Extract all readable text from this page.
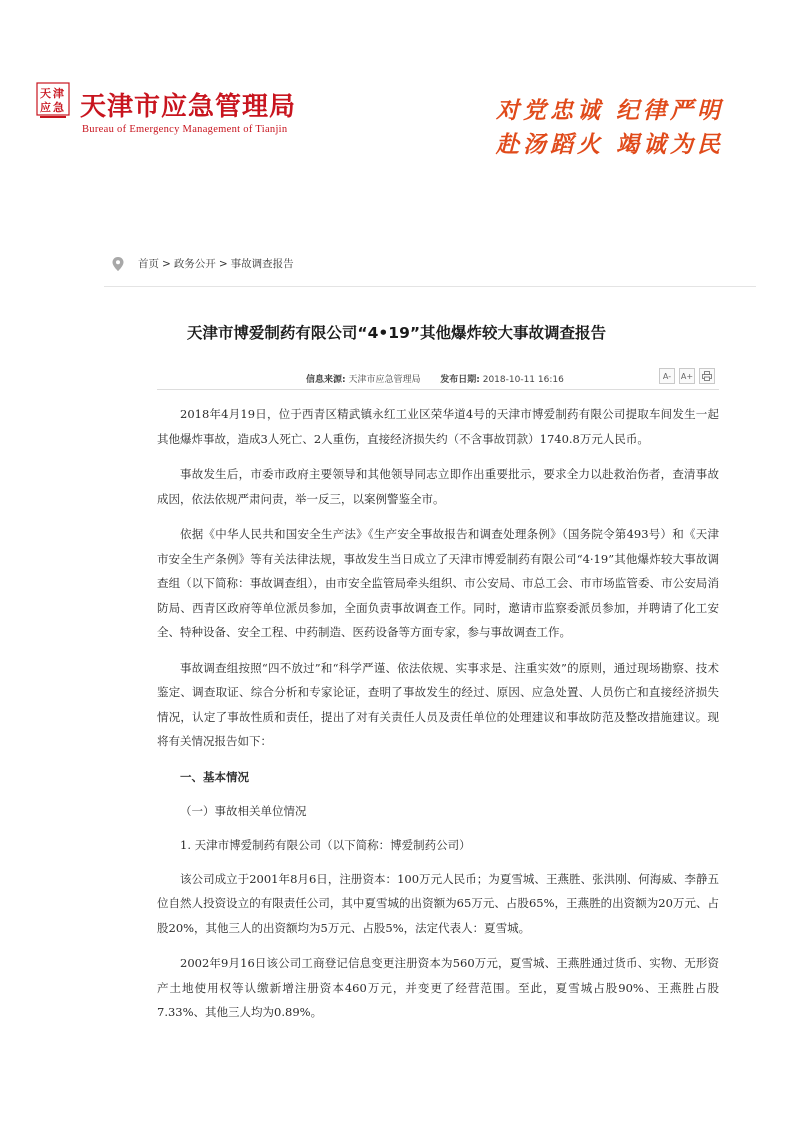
天 津
应 急 天津市应急管理局

Bureau of Emergency Management of Tianjin

对党忠诚 纪律严明

赴汤蹈火 竭诚为民

首页 > 政务公开 > 事故调查报告
天津市博爱制药有限公司“4•19”其他爆炸较大事故调查报告
信息来源: 天津市应急管理局 发布日期: 2018-10-11 16:16	A-	A+

2018年4月19日，位于西青区精武镇永红工业区荣华道4号的天津市博爱制药有限公司提取车间发生一起其他爆炸事故，造成3人死亡、2人重伤，直接经济损失约（不含事故罚款）1740.8万元人民币。

事故发生后，市委市政府主要领导和其他领导同志立即作出重要批示，要求全力以赴救治伤者，查清事故成因，依法依规严肃问责，举一反三，以案例警鉴全市。

依据《中华人民共和国安全生产法》《生产安全事故报告和调查处理条例》（国务院令第493号）和《天津市安全生产条例》等有关法律法规，事故发生当日成立了天津市博爱制药有限公司“4·19”其他爆炸较大事故调查组（以下简称：事故调查组），由市安全监管局牵头组织、市公安局、市总工会、市市场监管委、市公安局消防局、西青区政府等单位派员参加，全面负责事故调查工作。同时，邀请市监察委派员参加，并聘请了化工安全、特种设备、安全工程、中药制造、医药设备等方面专家，参与事故调查工作。

事故调查组按照“四不放过”和“科学严谨、依法依规、实事求是、注重实效”的原则，通过现场勘察、技术鉴定、调查取证、综合分析和专家论证，查明了事故发生的经过、原因、应急处置、人员伤亡和直接经济损失情况，认定了事故性质和责任，提出了对有关责任人员及责任单位的处理建议和事故防范及整改措施建议。现将有关情况报告如下：

一、基本情况
（一）事故相关单位情况
1. 天津市博爱制药有限公司（以下简称：博爱制药公司）

该公司成立于2001年8月6日，注册资本：100万元人民币；为夏雪城、王燕胜、张洪刚、何海威、李静五位自然人投资设立的有限责任公司，其中夏雪城的出资额为65万元、占股65%，王燕胜的出资额为20万元、占股20%，其他三人的出资额均为5万元、占股5%，法定代表人：夏雪城。

2002年9月16日该公司工商登记信息变更注册资本为560万元，夏雪城、王燕胜通过货币、实物、无形资产土地使用权等认缴新增注册资本460万元，并变更了经营范围。至此，夏雪城占股90%、王燕胜占股7.33%、其他三人均为0.89%。
